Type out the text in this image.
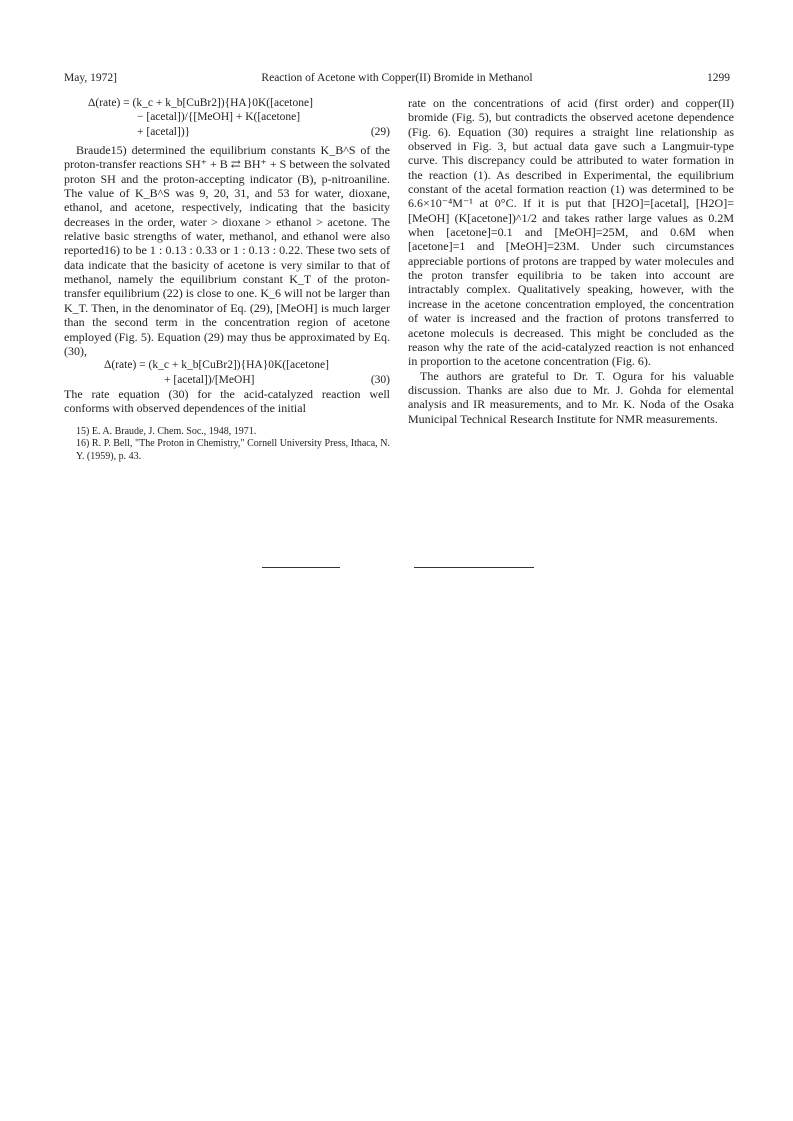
May, 1972]	Reaction of Acetone with Copper(II) Bromide in Methanol	1299
Δ(rate) = (k_c + k_b[CuBr2]){HA}0K([acetone]
− [acetal])/{[MeOH] + K([acetone]
+ [acetal])}	(29)

Braude15) determined the equilibrium constants K_B^S of the proton-transfer reactions SH⁺ + B ⇄ BH⁺ + S between the solvated proton SH and the proton-accepting indicator (B), p-nitroaniline. The value of K_B^S was 9, 20, 31, and 53 for water, dioxane, ethanol, and acetone, respectively, indicating that the basicity decreases in the order, water > dioxane > ethanol > acetone. The relative basic strengths of water, methanol, and ethanol were also reported16) to be 1 : 0.13 : 0.33 or 1 : 0.13 : 0.22. These two sets of data indicate that the basicity of acetone is very similar to that of methanol, namely the equilibrium constant K_T of the proton-transfer equilibrium (22) is close to one. K_6 will not be larger than K_T. Then, in the denominator of Eq. (29), [MeOH] is much larger than the second term in the concentration region of acetone employed (Fig. 5). Equation (29) may thus be approximated by Eq. (30),

Δ(rate) = (k_c + k_b[CuBr2]){HA}0K([acetone]
+ [acetal])/[MeOH]	(30)

The rate equation (30) for the acid-catalyzed reaction well conforms with observed dependences of the initial

15) E. A. Braude, J. Chem. Soc., 1948, 1971.

16) R. P. Bell, "The Proton in Chemistry," Cornell University Press, Ithaca, N. Y. (1959), p. 43.

rate on the concentrations of acid (first order) and copper(II) bromide (Fig. 5), but contradicts the observed acetone dependence (Fig. 6). Equation (30) requires a straight line relationship as observed in Fig. 3, but actual data gave such a Langmuir-type curve. This discrepancy could be attributed to water formation in the reaction (1). As described in Experimental, the equilibrium constant of the acetal formation reaction (1) was determined to be 6.6×10⁻⁴M⁻¹ at 0°C. If it is put that [H2O]=[acetal], [H2O]=[MeOH] (K[acetone])^1/2 and takes rather large values as 0.2M when [acetone]=0.1 and [MeOH]=25M, and 0.6M when [acetone]=1 and [MeOH]=23M. Under such circumstances appreciable portions of protons are trapped by water molecules and the proton transfer equilibria to be taken into account are intractably complex. Qualitatively speaking, however, with the increase in the acetone concentration employed, the concentration of water is increased and the fraction of protons transferred to acetone moleculs is decreased. This might be concluded as the reason why the rate of the acid-catalyzed reaction is not enhanced in proportion to the acetone concentration (Fig. 6).

The authors are grateful to Dr. T. Ogura for his valuable discussion. Thanks are also due to Mr. J. Gohda for elemental analysis and IR measurements, and to Mr. K. Noda of the Osaka Municipal Technical Research Institute for NMR measurements.
